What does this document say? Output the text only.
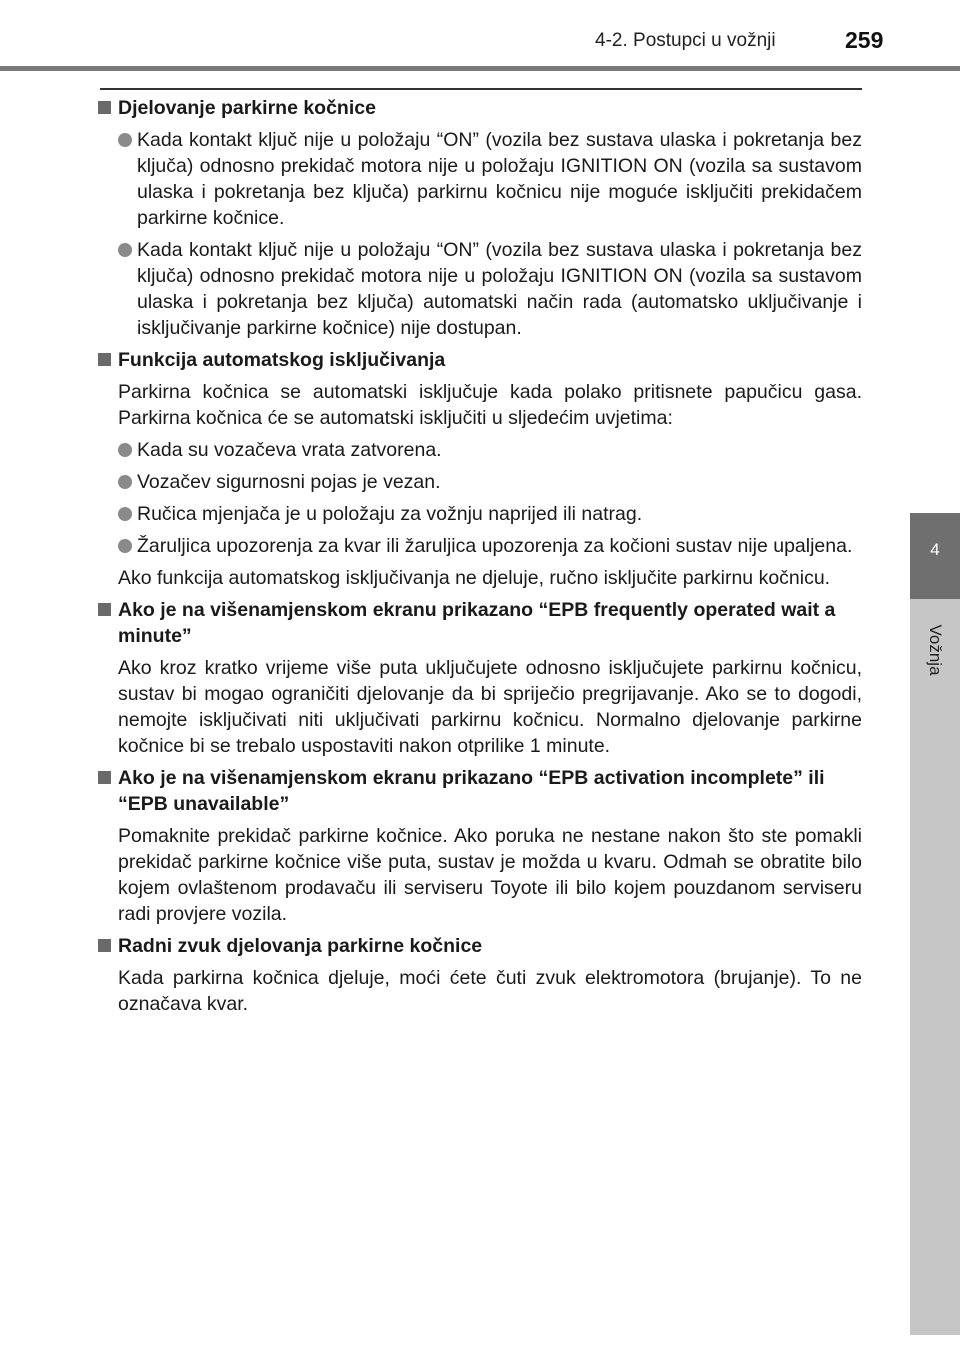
4-2. Postupci u vožnji	259
4
Vožnja
Djelovanje parkirne kočnice
Kada kontakt ključ nije u položaju “ON” (vozila bez sustava ulaska i pokretanja bez ključa) odnosno prekidač motora nije u položaju IGNITION ON (vozila sa sustavom ulaska i pokretanja bez ključa) parkirnu kočnicu nije moguće isključiti prekidačem parkirne kočnice.
Kada kontakt ključ nije u položaju “ON” (vozila bez sustava ulaska i pokretanja bez ključa) odnosno prekidač motora nije u položaju IGNITION ON (vozila sa sustavom ulaska i pokretanja bez ključa) automatski način rada (automatsko uključivanje i isključivanje parkirne kočnice) nije dostupan.
Funkcija automatskog isključivanja
Parkirna kočnica se automatski isključuje kada polako pritisnete papučicu gasa. Parkirna kočnica će se automatski isključiti u sljedećim uvjetima:
Kada su vozačeva vrata zatvorena.
Vozačev sigurnosni pojas je vezan.
Ručica mjenjača je u položaju za vožnju naprijed ili natrag.
Žaruljica upozorenja za kvar ili žaruljica upozorenja za kočioni sustav nije upaljena.
Ako funkcija automatskog isključivanja ne djeluje, ručno isključite parkirnu kočnicu.
Ako je na višenamjenskom ekranu prikazano “EPB frequently operated wait a minute”
Ako kroz kratko vrijeme više puta uključujete odnosno isključujete parkirnu kočnicu, sustav bi mogao ograničiti djelovanje da bi spriječio pregrijavanje. Ako se to dogodi, nemojte isključivati niti uključivati parkirnu kočnicu. Normalno djelovanje parkirne kočnice bi se trebalo uspostaviti nakon otprilike 1 minute.
Ako je na višenamjenskom ekranu prikazano “EPB activation incomplete” ili “EPB unavailable”
Pomaknite prekidač parkirne kočnice. Ako poruka ne nestane nakon što ste pomakli prekidač parkirne kočnice više puta, sustav je možda u kvaru. Odmah se obratite bilo kojem ovlaštenom prodavaču ili serviseru Toyote ili bilo kojem pouzdanom serviseru radi provjere vozila.
Radni zvuk djelovanja parkirne kočnice
Kada parkirna kočnica djeluje, moći ćete čuti zvuk elektromotora (brujanje). To ne označava kvar.
